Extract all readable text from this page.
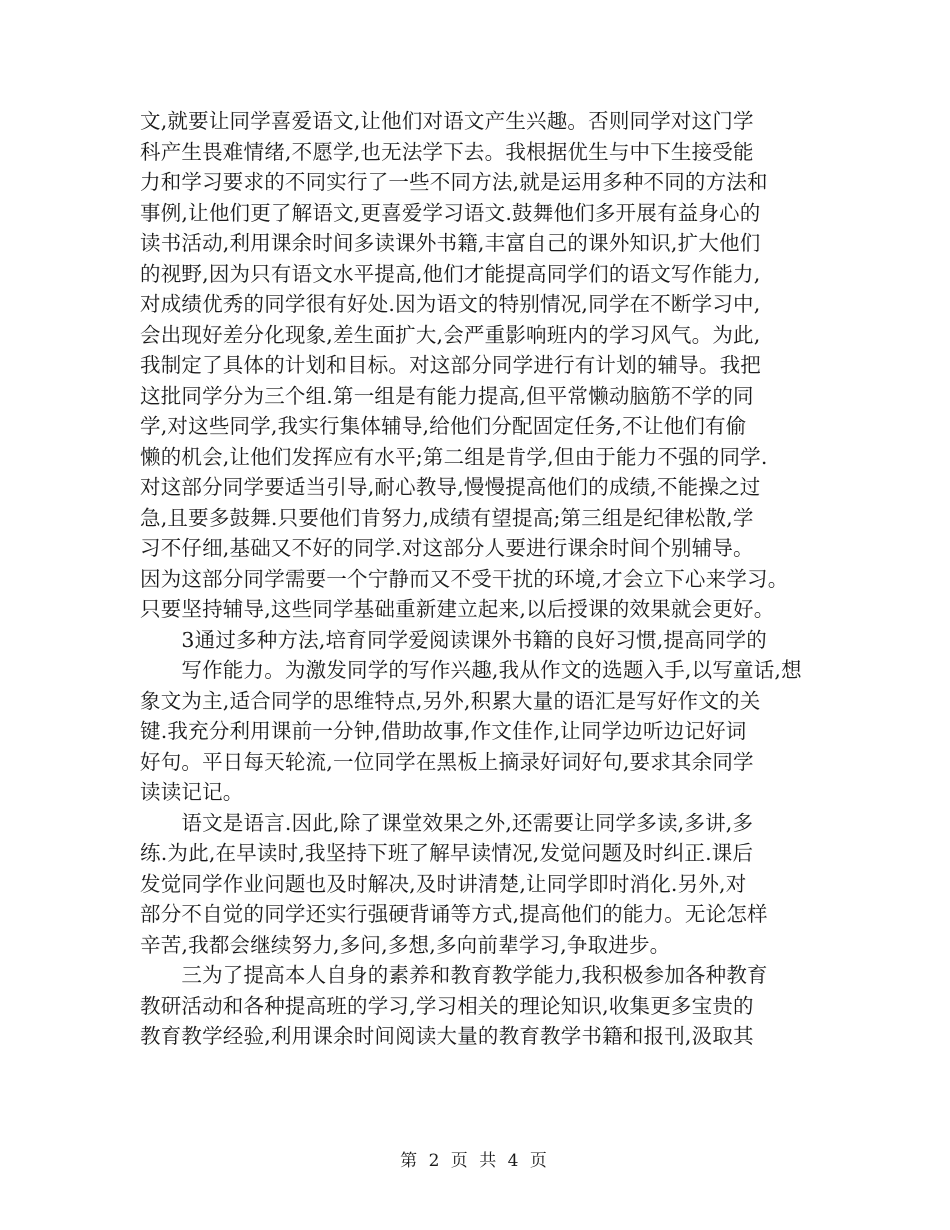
文,就要让同学喜爱语文,让他们对语文产生兴趣。否则同学对这门学
科产生畏难情绪,不愿学,也无法学下去。我根据优生与中下生接受能
力和学习要求的不同实行了一些不同方法,就是运用多种不同的方法和
事例,让他们更了解语文,更喜爱学习语文.鼓舞他们多开展有益身心的
读书活动,利用课余时间多读课外书籍,丰富自己的课外知识,扩大他们
的视野,因为只有语文水平提高,他们才能提高同学们的语文写作能力,
对成绩优秀的同学很有好处.因为语文的特别情况,同学在不断学习中,
会出现好差分化现象,差生面扩大,会严重影响班内的学习风气。为此,
我制定了具体的计划和目标。对这部分同学进行有计划的辅导。我把
这批同学分为三个组.第一组是有能力提高,但平常懒动脑筋不学的同
学,对这些同学,我实行集体辅导,给他们分配固定任务,不让他们有偷
懒的机会,让他们发挥应有水平;第二组是肯学,但由于能力不强的同学.
对这部分同学要适当引导,耐心教导,慢慢提高他们的成绩,不能操之过
急,且要多鼓舞.只要他们肯努力,成绩有望提高;第三组是纪律松散,学
习不仔细,基础又不好的同学.对这部分人要进行课余时间个别辅导。
因为这部分同学需要一个宁静而又不受干扰的环境,才会立下心来学习。
只要坚持辅导,这些同学基础重新建立起来,以后授课的效果就会更好。
　　3通过多种方法,培育同学爱阅读课外书籍的良好习惯,提高同学的
　　写作能力。为激发同学的写作兴趣,我从作文的选题入手,以写童话,想
象文为主,适合同学的思维特点,另外,积累大量的语汇是写好作文的关
键.我充分利用课前一分钟,借助故事,作文佳作,让同学边听边记好词
好句。平日每天轮流,一位同学在黑板上摘录好词好句,要求其余同学
读读记记。
　　语文是语言.因此,除了课堂效果之外,还需要让同学多读,多讲,多
练.为此,在早读时,我坚持下班了解早读情况,发觉问题及时纠正.课后
发觉同学作业问题也及时解决,及时讲清楚,让同学即时消化.另外,对
部分不自觉的同学还实行强硬背诵等方式,提高他们的能力。无论怎样
辛苦,我都会继续努力,多问,多想,多向前辈学习,争取进步。
　　三为了提高本人自身的素养和教育教学能力,我积极参加各种教育
教研活动和各种提高班的学习,学习相关的理论知识,收集更多宝贵的
教育教学经验,利用课余时间阅读大量的教育教学书籍和报刊,汲取其
第 2 页 共 4 页
